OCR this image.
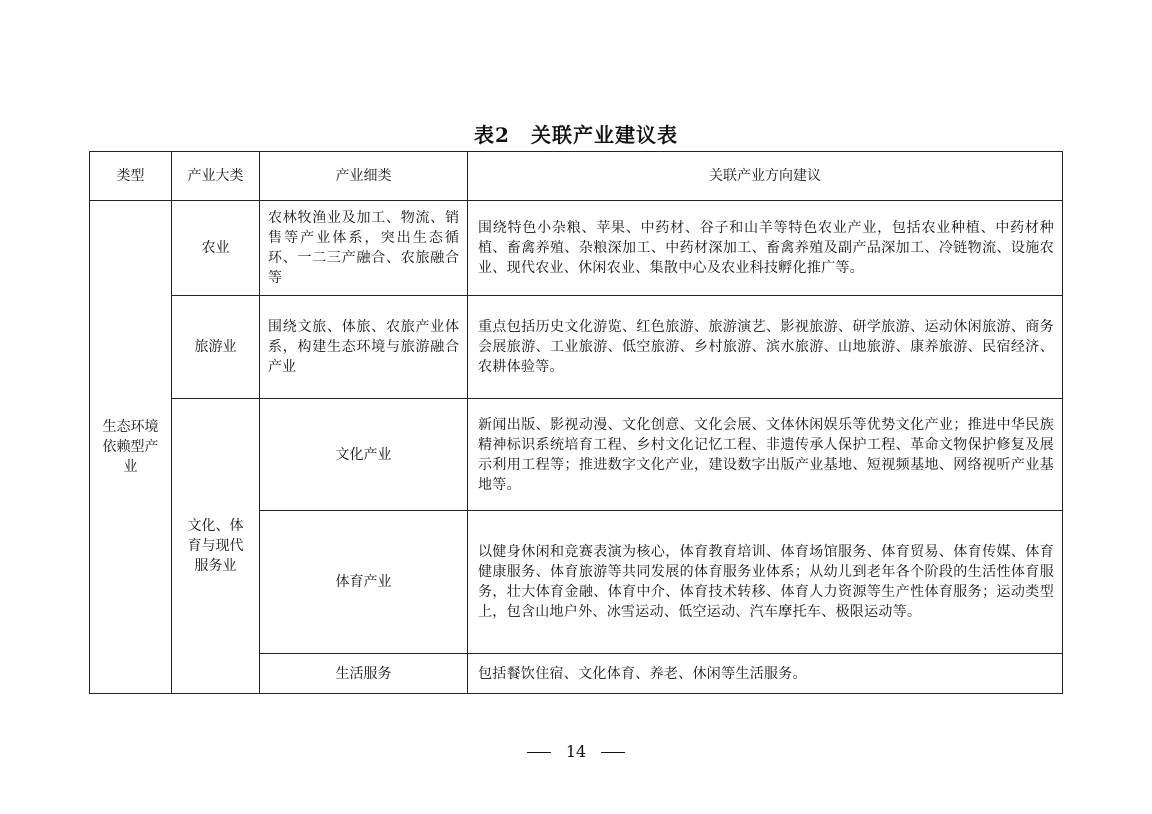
表2　关联产业建议表
类型	产业大类	产业细类	关联产业方向建议
生态环境依赖型产业	农业	农林牧渔业及加工、物流、销售等产业体系，突出生态循环、一二三产融合、农旅融合等	围绕特色小杂粮、苹果、中药材、谷子和山羊等特色农业产业，包括农业种植、中药材种植、畜禽养殖、杂粮深加工、中药材深加工、畜禽养殖及副产品深加工、冷链物流、设施农业、现代农业、休闲农业、集散中心及农业科技孵化推广等。
	旅游业	围绕文旅、体旅、农旅产业体系，构建生态环境与旅游融合产业	重点包括历史文化游览、红色旅游、旅游演艺、影视旅游、研学旅游、运动休闲旅游、商务会展旅游、工业旅游、低空旅游、乡村旅游、滨水旅游、山地旅游、康养旅游、民宿经济、农耕体验等。
	文化、体育与现代服务业	文化产业	新闻出版、影视动漫、文化创意、文化会展、文体休闲娱乐等优势文化产业；推进中华民族精神标识系统培育工程、乡村文化记忆工程、非遗传承人保护工程、革命文物保护修复及展示利用工程等；推进数字文化产业，建设数字出版产业基地、短视频基地、网络视听产业基地等。
		体育产业	以健身休闲和竞赛表演为核心，体育教育培训、体育场馆服务、体育贸易、体育传媒、体育健康服务、体育旅游等共同发展的体育服务业体系；从幼儿到老年各个阶段的生活性体育服务，壮大体育金融、体育中介、体育技术转移、体育人力资源等生产性体育服务；运动类型上，包含山地户外、冰雪运动、低空运动、汽车摩托车、极限运动等。
		生活服务	包括餐饮住宿、文化体育、养老、休闲等生活服务。
14
